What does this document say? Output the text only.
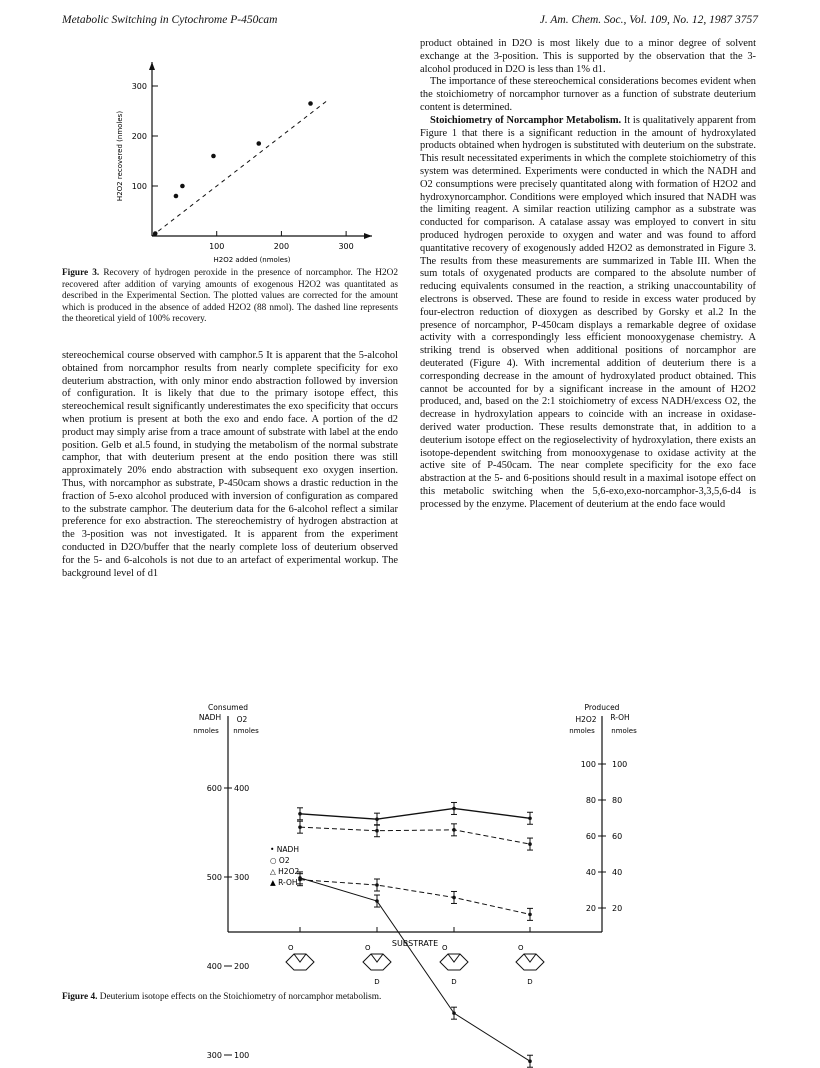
Metabolic Switching in Cytochrome P-450cam	J. Am. Chem. Soc., Vol. 109, No. 12, 1987 3757
100	200	300
100
200
300
H2O2 added (nmoles)
H2O2 recovered (nmoles)
Figure 3. Recovery of hydrogen peroxide in the presence of norcamphor. The H2O2 recovered after addition of varying amounts of exogenous H2O2 was quantitated as described in the Experimental Section. The plotted values are corrected for the amount which is produced in the absence of added H2O2 (88 nmol). The dashed line represents the theoretical yield of 100% recovery.

stereochemical course observed with camphor.5 It is apparent that the 5-alcohol obtained from norcamphor results from nearly complete specificity for exo deuterium abstraction, with only minor endo abstraction followed by inversion of configuration. It is likely that due to the primary isotope effect, this stereochemical result significantly underestimates the exo specificity that occurs when protium is present at both the exo and endo face. A portion of the d2 product may simply arise from a trace amount of substrate with label at the endo position. Gelb et al.5 found, in studying the metabolism of the normal substrate camphor, that with deuterium present at the endo position there was still approximately 20% endo abstraction with subsequent exo oxygen insertion. Thus, with norcamphor as substrate, P-450cam shows a drastic reduction in the fraction of 5-exo alcohol produced with inversion of configuration as compared to the substrate camphor. The deuterium data for the 6-alcohol reflect a similar preference for exo abstraction. The stereochemistry of hydrogen abstraction at the 3-position was not investigated. It is apparent from the experiment conducted in D2O/buffer that the nearly complete loss of deuterium observed for the 5- and 6-alcohols is not due to an artefact of experimental workup. The background level of d1

product obtained in D2O is most likely due to a minor degree of solvent exchange at the 3-position. This is supported by the observation that the 3-alcohol produced in D2O is less than 1% d1.

The importance of these stereochemical considerations becomes evident when the stoichiometry of norcamphor turnover as a function of substrate deuterium content is determined.

Stoichiometry of Norcamphor Metabolism. It is qualitatively apparent from Figure 1 that there is a significant reduction in the amount of hydroxylated products obtained when hydrogen is substituted with deuterium on the substrate. This result necessitated experiments in which the complete stoichiometry of this system was determined. Experiments were conducted in which the NADH and O2 consumptions were precisely quantitated along with formation of H2O2 and hydroxynorcamphor. Conditions were employed which insured that NADH was the limiting reagent. A similar reaction utilizing camphor as a substrate was conducted for comparison. A catalase assay was employed to convert in situ produced hydrogen peroxide to oxygen and water and was found to afford quantitative recovery of exogenously added H2O2 as demonstrated in Figure 3. The results from these measurements are summarized in Table III. When the sum totals of oxygenated products are compared to the absolute number of reducing equivalents consumed in the reaction, a striking unaccountability of electrons is observed. These are found to reside in excess water produced by four-electron reduction of dioxygen as described by Gorsky et al.2 In the presence of norcamphor, P-450cam displays a remarkable degree of oxidase activity with a correspondingly less efficient monooxygenase chemistry. A striking trend is observed when additional positions of norcamphor are deuterated (Figure 4). With incremental addition of deuterium there is a corresponding decrease in the amount of hydroxylated product obtained. This cannot be accounted for by a significant increase in the amount of H2O2 produced, and, based on the 2:1 stoichiometry of excess NADH/excess O2, the decrease in hydroxylation appears to coincide with an increase in oxidase-derived water production. These results demonstrate that, in addition to a deuterium isotope effect on the regioselectivity of hydroxylation, there exists an isotope-dependent switching from monooxygenase to oxidase activity at the active site of P-450cam. The near complete specificity for the exo face abstraction at the 5- and 6-positions should result in a maximal isotope effect on this metabolic switching when the 5,6-exo,exo-norcamphor-3,3,5,6-d4 is processed by the enzyme. Placement of deuterium at the endo face would

Consumed
NADH O2
nmoles nmoles
600 400
500 300
400 200
300 100
Produced
H2O2 R-OH
nmoles nmoles
100 100
80 80
60 60
40 40
20 20
SUBSTRATE
• NADH
○ O2
△ H2O2
▲ R-OH
O	O
D
O
D
O
D
Figure 4. Deuterium isotope effects on the Stoichiometry of norcamphor metabolism.
